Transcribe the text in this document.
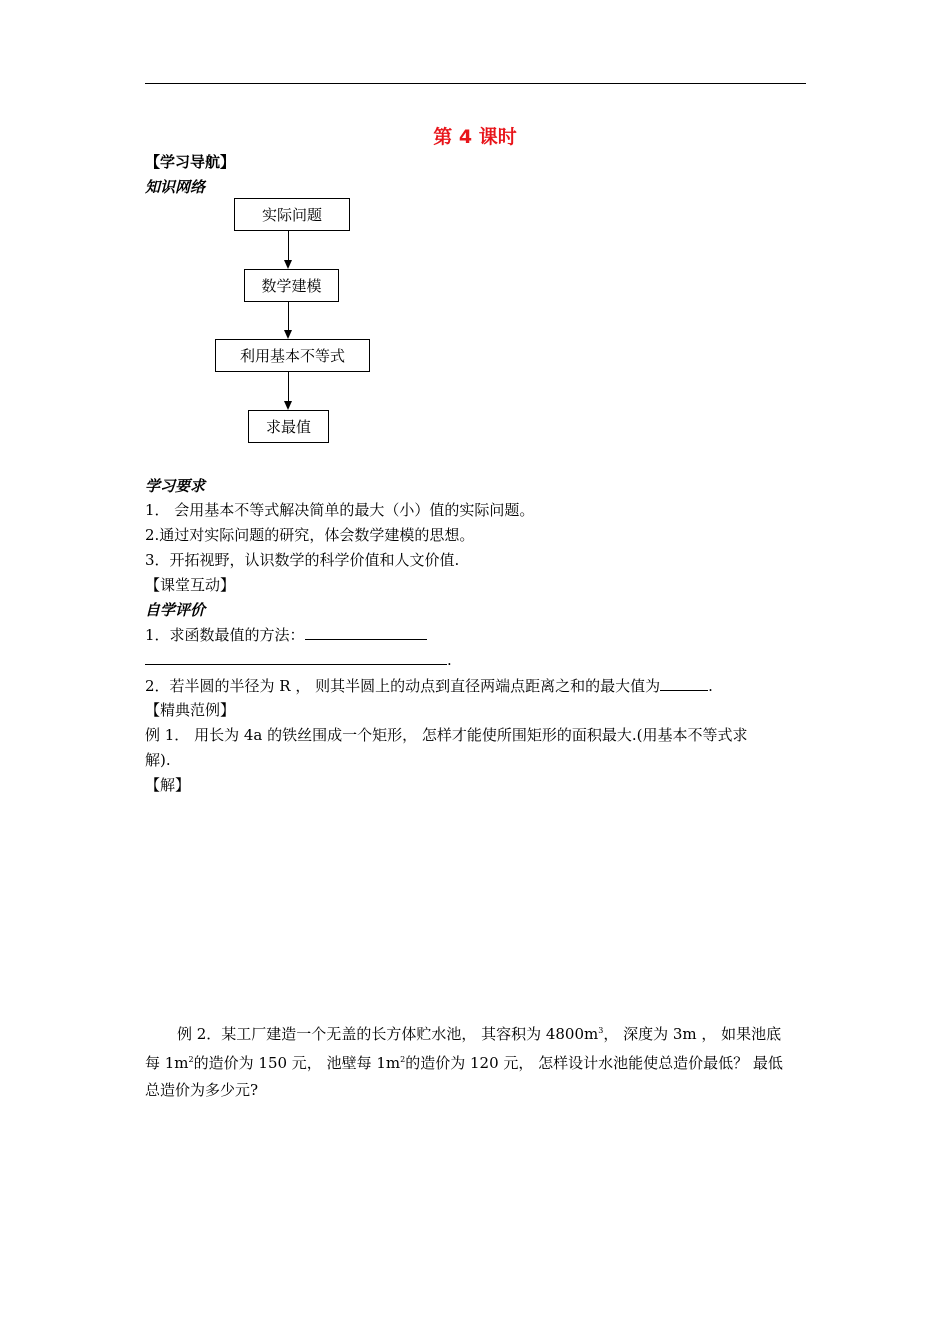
第 4 课时
【学习导航】
知识网络
实际问题
数学建模
利用基本不等式
求最值
学习要求
1． 会用基本不等式解决简单的最大（小）值的实际问题。
2.通过对实际问题的研究，体会数学建模的思想。
3．开拓视野，认识数学的科学价值和人文价值.
【课堂互动】
自学评价
1．求函数最值的方法：
.
2．若半圆的半径为 R ， 则其半圆上的动点到直径两端点距离之和的最大值为	.
【精典范例】
例 1． 用长为 4a 的铁丝围成一个矩形， 怎样才能使所围矩形的面积最大.(用基本不等式求
解).
【解】
例 2．某工厂建造一个无盖的长方体贮水池， 其容积为 $4800m^3$， 深度为 3m ， 如果池底
每 $1m^2$的造价为 150 元， 池壁每 $1m^2$的造价为 120 元， 怎样设计水池能使总造价最低？ 最低
总造价为多少元?
